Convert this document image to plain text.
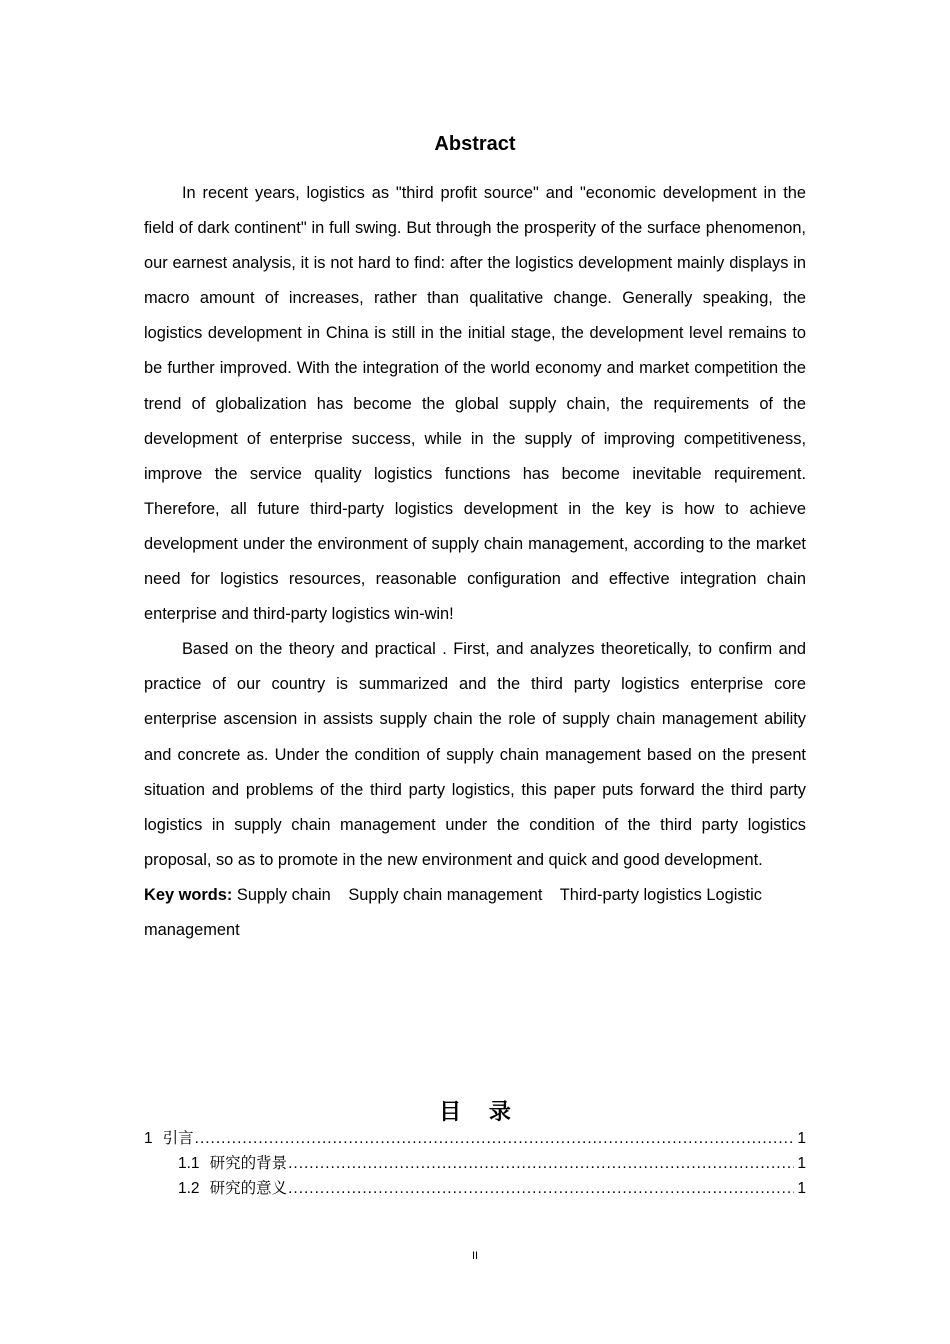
Abstract

In recent years, logistics as "third profit source" and "economic development in the field of dark continent" in full swing. But through the prosperity of the surface phenomenon, our earnest analysis, it is not hard to find: after the logistics development mainly displays in macro amount of increases, rather than qualitative change. Generally speaking, the logistics development in China is still in the initial stage, the development level remains to be further improved. With the integration of the world economy and market competition the trend of globalization has become the global supply chain, the requirements of the development of enterprise success, while in the supply of improving competitiveness, improve the service quality logistics functions has become inevitable requirement. Therefore, all future third-party logistics development in the key is how to achieve development under the environment of supply chain management, according to the market need for logistics resources, reasonable configuration and effective integration chain enterprise and third-party logistics win-win!

Based on the theory and practical . First, and analyzes theoretically, to confirm and practice of our country is summarized and the third party logistics enterprise core enterprise ascension in assists supply chain the role of supply chain management ability and concrete as. Under the condition of supply chain management based on the present situation and problems of the third party logistics, this paper puts forward the third party logistics in supply chain management under the condition of the third party logistics proposal, so as to promote in the new environment and quick and good development.

Key words: Supply chain Supply chain management Third-party logistics Logistic management

目 录
1 引言 .....	1
1.1 研究的背景 .....	1
1.2 研究的意义 .....	1
II
